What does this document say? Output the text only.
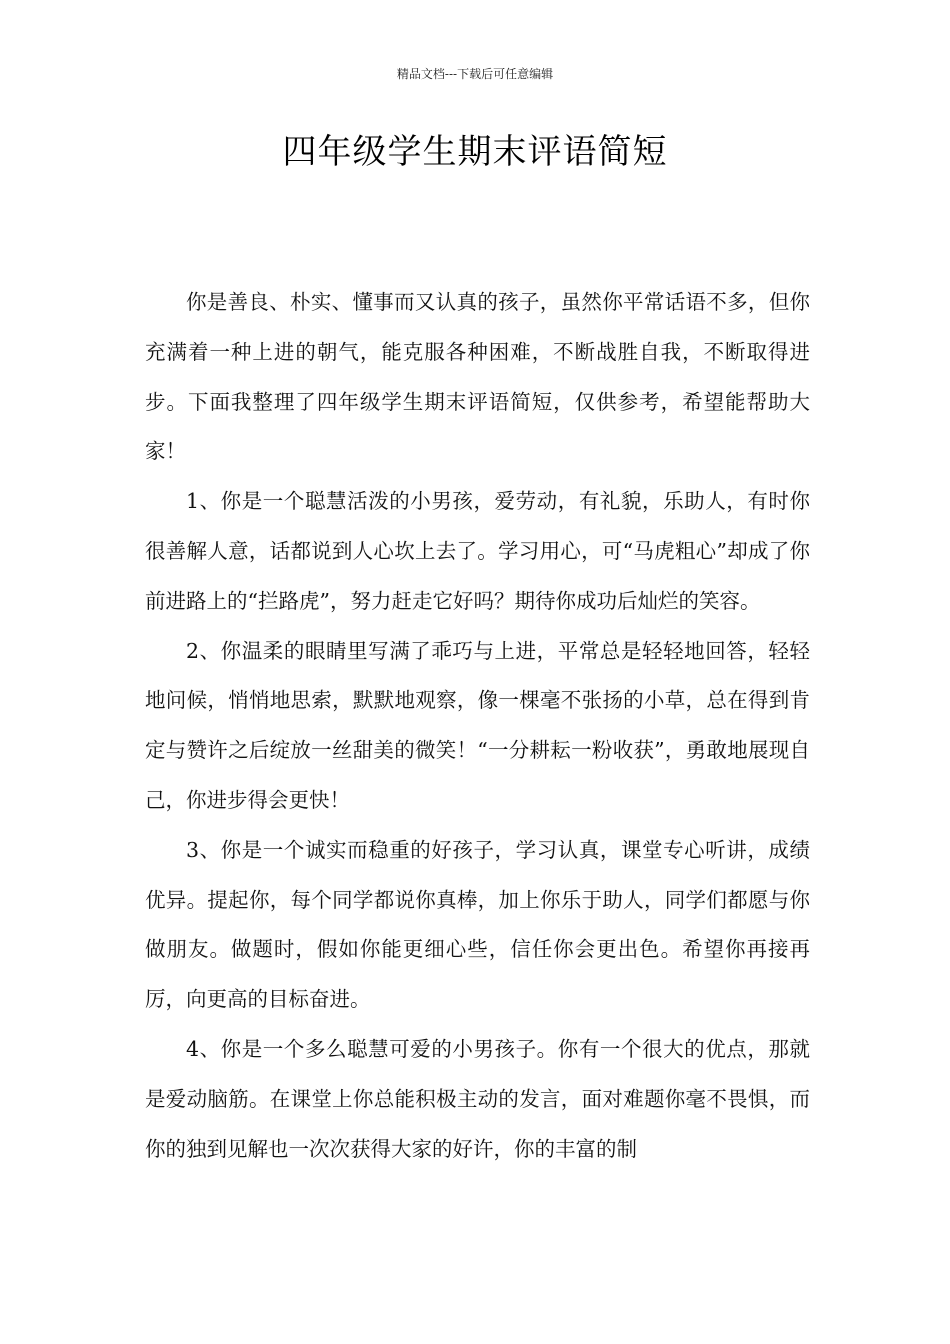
精品文档---下载后可任意编辑
四年级学生期末评语简短

你是善良、朴实、懂事而又认真的孩子，虽然你平常话语不多，但你充满着一种上进的朝气，能克服各种困难，不断战胜自我，不断取得进步。下面我整理了四年级学生期末评语简短，仅供参考，希望能帮助大家！

1、你是一个聪慧活泼的小男孩，爱劳动，有礼貌，乐助人，有时你很善解人意，话都说到人心坎上去了。学习用心，可“马虎粗心”却成了你前进路上的“拦路虎”，努力赶走它好吗？期待你成功后灿烂的笑容。

2、你温柔的眼睛里写满了乖巧与上进，平常总是轻轻地回答，轻轻地问候，悄悄地思索，默默地观察，像一棵毫不张扬的小草，总在得到肯定与赞许之后绽放一丝甜美的微笑！“一分耕耘一粉收获”，勇敢地展现自己，你进步得会更快！

3、你是一个诚实而稳重的好孩子，学习认真，课堂专心听讲，成绩优异。提起你，每个同学都说你真棒，加上你乐于助人，同学们都愿与你做朋友。做题时，假如你能更细心些，信任你会更出色。希望你再接再厉，向更高的目标奋进。

4、你是一个多么聪慧可爱的小男孩子。你有一个很大的优点，那就是爱动脑筋。在课堂上你总能积极主动的发言，面对难题你毫不畏惧，而你的独到见解也一次次获得大家的好许，你的丰富的制
